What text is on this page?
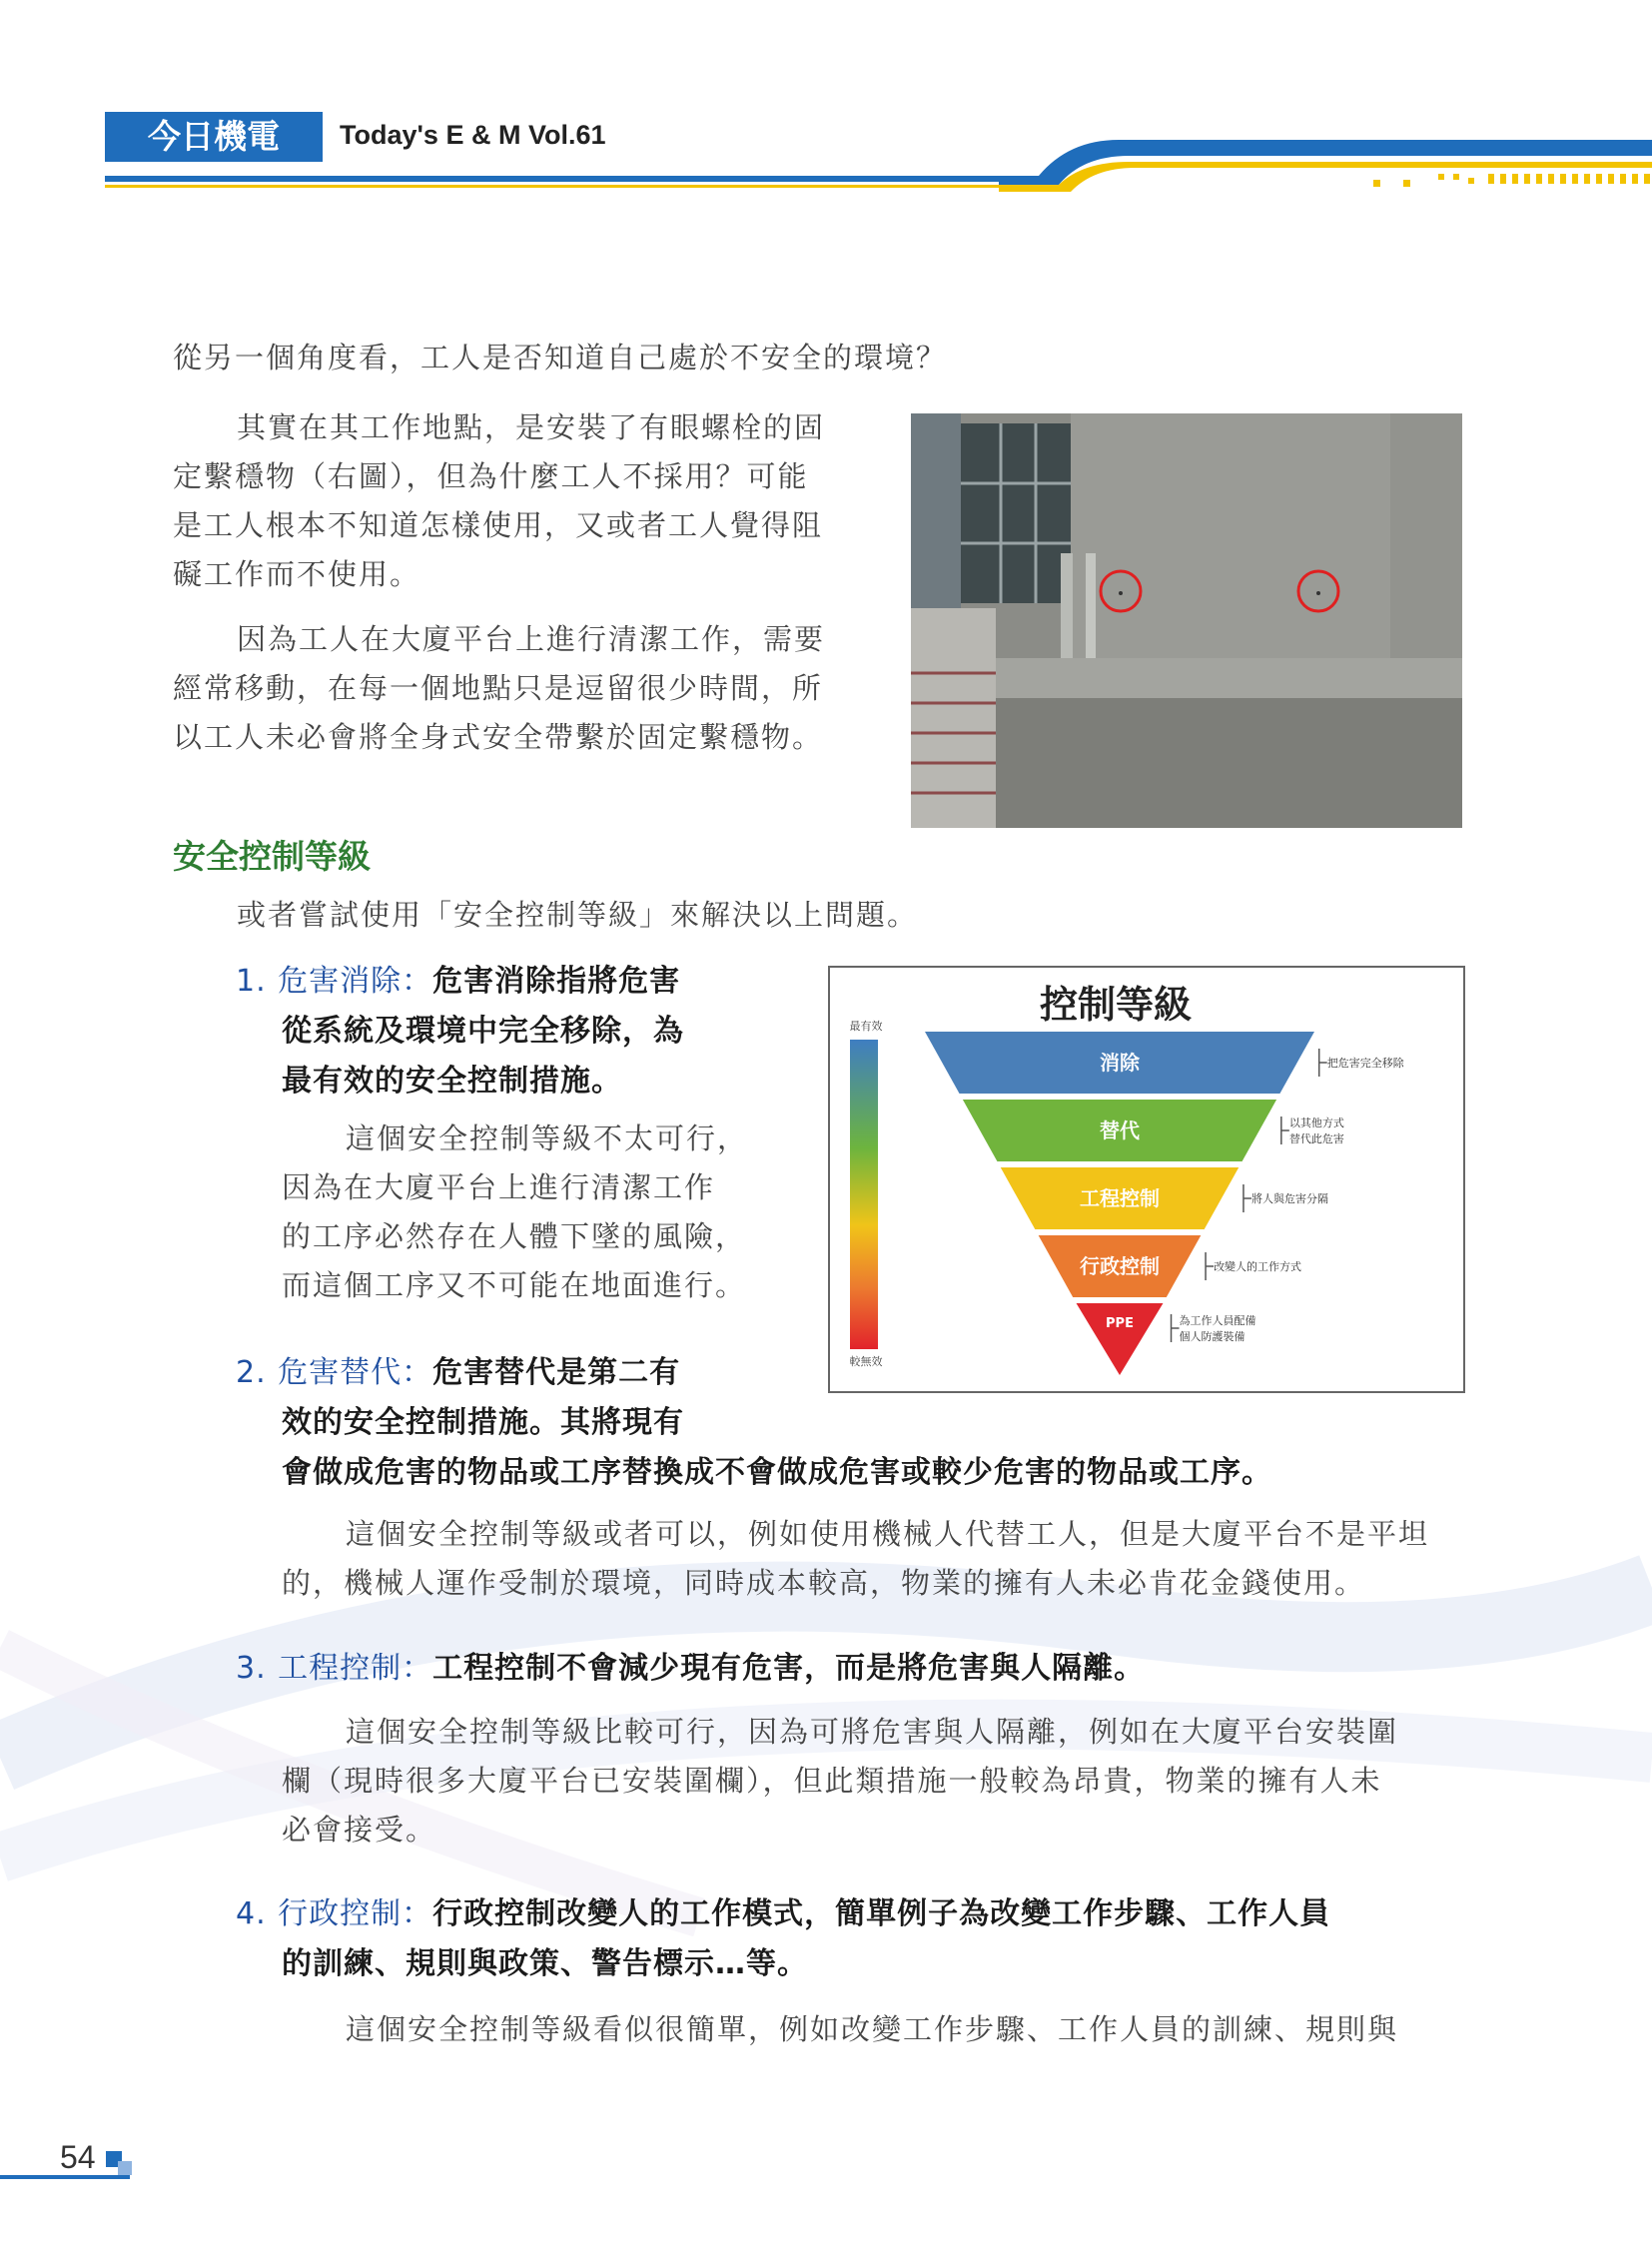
今日機電	Today's E & M Vol.61
從另一個角度看，工人是否知道自己處於不安全的環境？
其實在其工作地點，是安裝了有眼螺栓的固
定繫穩物（右圖），但為什麼工人不採用？可能
是工人根本不知道怎樣使用，又或者工人覺得阻
礙工作而不使用。
因為工人在大廈平台上進行清潔工作，需要
經常移動，在每一個地點只是逗留很少時間，所
以工人未必會將全身式安全帶繫於固定繫穩物。
安全控制等級
或者嘗試使用「安全控制等級」來解決以上問題。
1. 危害消除：危害消除指將危害
從系統及環境中完全移除，為
最有效的安全控制措施。
這個安全控制等級不太可行，
因為在大廈平台上進行清潔工作
的工序必然存在人體下墜的風險，
而這個工序又不可能在地面進行。
控制等級
最有效
較無效
消除	把危害完全移除
替代	以其他方式
替代此危害
工程控制	將人與危害分隔
行政控制	改變人的工作方式
PPE	為工作人員配備
個人防護裝備
2. 危害替代：危害替代是第二有
效的安全控制措施。其將現有
會做成危害的物品或工序替換成不會做成危害或較少危害的物品或工序。
這個安全控制等級或者可以，例如使用機械人代替工人，但是大廈平台不是平坦
的，機械人運作受制於環境，同時成本較高，物業的擁有人未必肯花金錢使用。
3. 工程控制：工程控制不會減少現有危害，而是將危害與人隔離。
這個安全控制等級比較可行，因為可將危害與人隔離，例如在大廈平台安裝圍
欄（現時很多大廈平台已安裝圍欄），但此類措施一般較為昂貴，物業的擁有人未
必會接受。
4. 行政控制：行政控制改變人的工作模式，簡單例子為改變工作步驟、工作人員
的訓練、規則與政策、警告標示…等。
這個安全控制等級看似很簡單，例如改變工作步驟、工作人員的訓練、規則與
54
